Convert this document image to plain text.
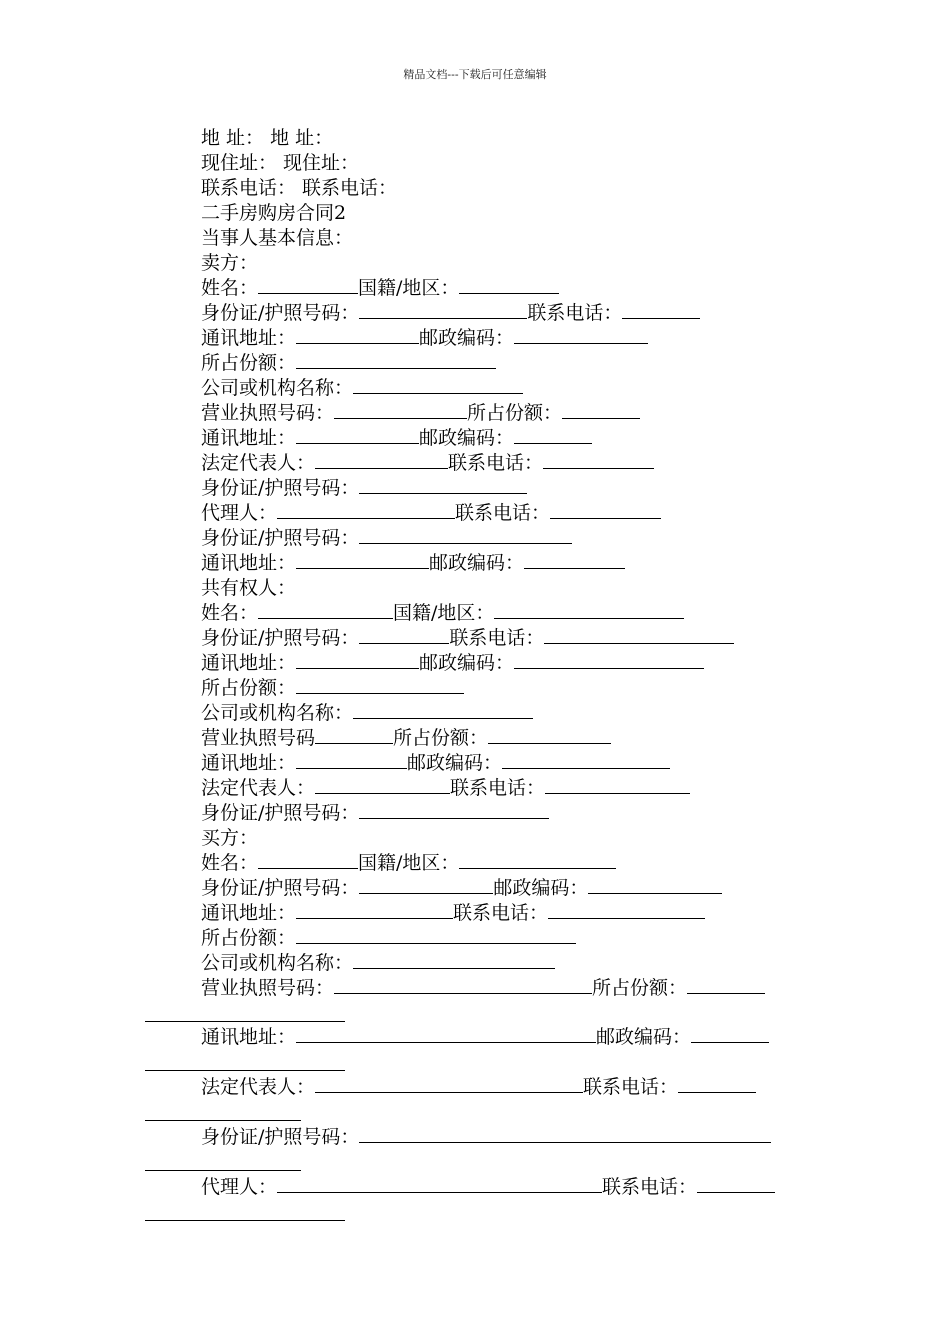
精品文档---下载后可任意编辑
地 址： 地 址：
现住址： 现住址：
联系电话： 联系电话：
二手房购房合同2
当事人基本信息：
卖方：
姓名：	国籍/地区：
身份证/护照号码：	联系电话：
通讯地址：	邮政编码：
所占份额：
公司或机构名称：
营业执照号码：	所占份额：
通讯地址：	邮政编码：
法定代表人：	联系电话：
身份证/护照号码：
代理人：	联系电话：
身份证/护照号码：
通讯地址：	邮政编码：
共有权人：
姓名：	国籍/地区：
身份证/护照号码：	联系电话：
通讯地址：	邮政编码：
所占份额：
公司或机构名称：
营业执照号码	所占份额：
通讯地址：	邮政编码：
法定代表人：	联系电话：
身份证/护照号码：
买方：
姓名：	国籍/地区：
身份证/护照号码：	邮政编码：
通讯地址：	联系电话：
所占份额：
公司或机构名称：
营业执照号码：	所占份额：
通讯地址：	邮政编码：
法定代表人：	联系电话：
身份证/护照号码：
代理人：	联系电话：
